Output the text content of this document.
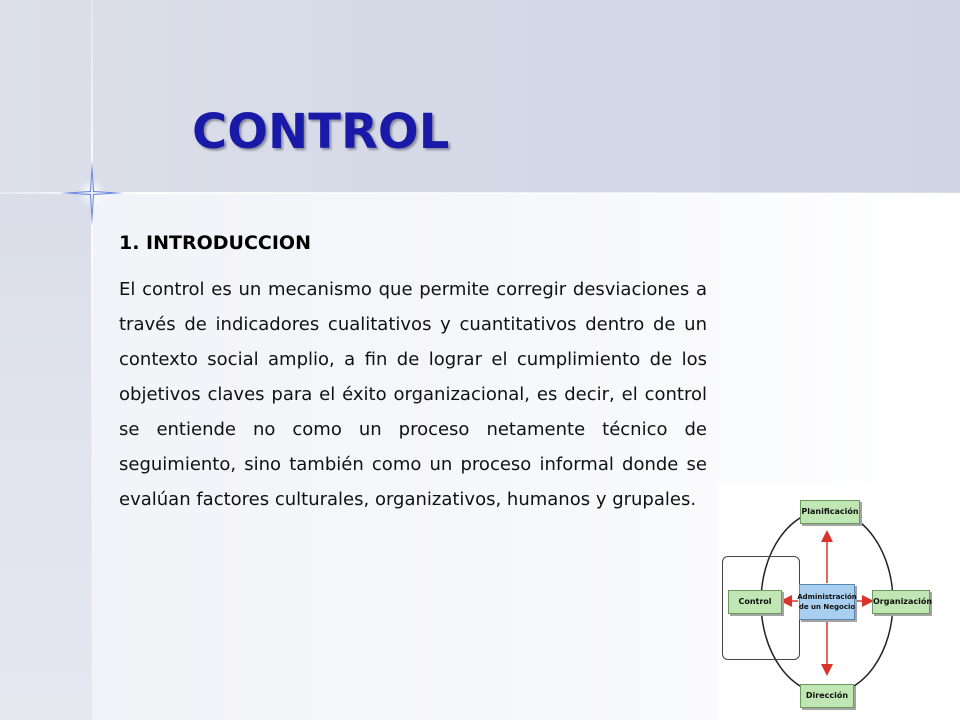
CONTROL
1. INTRODUCCION

El control es un mecanismo que permite corregir desviaciones a través de indicadores cualitativos y cuantitativos dentro de un contexto social amplio, a fin de lograr el cumplimiento de los objetivos claves para el éxito organizacional, es decir, el control se entiende no como un proceso netamente técnico de seguimiento, sino también como un proceso informal donde se evalúan factores culturales, organizativos, humanos y grupales.

Planificación
Organización
Dirección
Control	Administración de un Negocio
